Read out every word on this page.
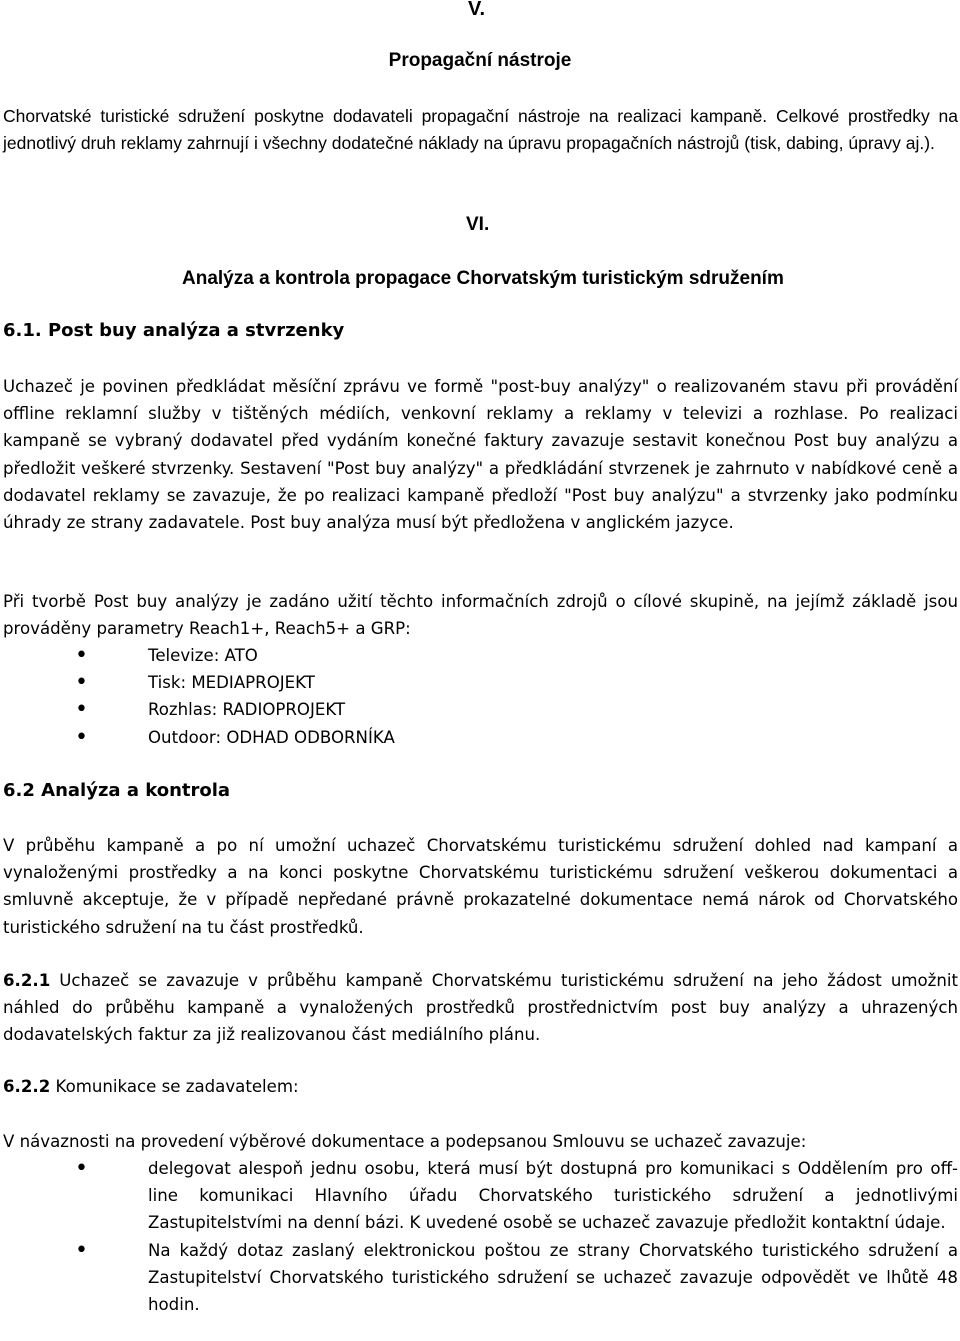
V.
Propagační nástroje

Chorvatské turistické sdružení poskytne dodavateli propagační nástroje na realizaci kampaně. Celkové prostředky na jednotlivý druh reklamy zahrnují i všechny dodatečné náklady na úpravu propagačních nástrojů (tisk, dabing, úpravy aj.).

VI.
Analýza a kontrola propagace Chorvatským turistickým sdružením
6.1. Post buy analýza a stvrzenky

Uchazeč je povinen předkládat měsíční zprávu ve formě "post-buy analýzy" o realizovaném stavu při provádění offline reklamní služby v tištěných médiích, venkovní reklamy a reklamy v televizi a rozhlase. Po realizaci kampaně se vybraný dodavatel před vydáním konečné faktury zavazuje sestavit konečnou Post buy analýzu a předložit veškeré stvrzenky. Sestavení "Post buy analýzy" a předkládání stvrzenek je zahrnuto v nabídkové ceně a dodavatel reklamy se zavazuje, že po realizaci kampaně předloží "Post buy analýzu" a stvrzenky jako podmínku úhrady ze strany zadavatele. Post buy analýza musí být předložena v anglickém jazyce.

Při tvorbě Post buy analýzy je zadáno užití těchto informačních zdrojů o cílové skupině, na jejímž základě jsou prováděny parametry Reach1+, Reach5+ a GRP:

• Televize: ATO
• Tisk: MEDIAPROJEKT
• Rozhlas: RADIOPROJEKT
• Outdoor: ODHAD ODBORNÍKA
6.2 Analýza a kontrola

V průběhu kampaně a po ní umožní uchazeč Chorvatskému turistickému sdružení dohled nad kampaní a vynaloženými prostředky a na konci poskytne Chorvatskému turistickému sdružení veškerou dokumentaci a smluvně akceptuje, že v případě nepředané právně prokazatelné dokumentace nemá nárok od Chorvatského turistického sdružení na tu část prostředků.

6.2.1 Uchazeč se zavazuje v průběhu kampaně Chorvatskému turistickému sdružení na jeho žádost umožnit náhled do průběhu kampaně a vynaložených prostředků prostřednictvím post buy analýzy a uhrazených dodavatelských faktur za již realizovanou část mediálního plánu.

6.2.2 Komunikace se zadavatelem:

V návaznosti na provedení výběrové dokumentace a podepsanou Smlouvu se uchazeč zavazuje:

• delegovat alespoň jednu osobu, která musí být dostupná pro komunikaci s Oddělením pro off-line komunikaci Hlavního úřadu Chorvatského turistického sdružení a jednotlivými Zastupitelstvími na denní bázi. K uvedené osobě se uchazeč zavazuje předložit kontaktní údaje.
• Na každý dotaz zaslaný elektronickou poštou ze strany Chorvatského turistického sdružení a Zastupitelství Chorvatského turistického sdružení se uchazeč zavazuje odpovědět ve lhůtě 48 hodin.
